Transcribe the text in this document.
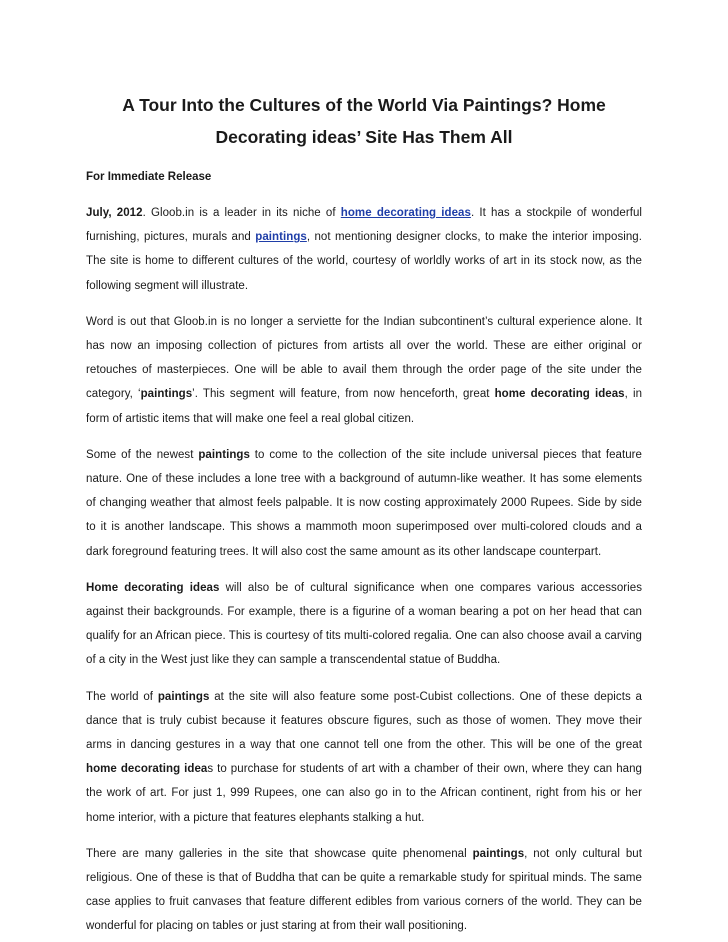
A Tour Into the Cultures of the World Via Paintings? Home
Decorating ideas’ Site Has Them All

For Immediate Release

July, 2012. Gloob.in is a leader in its niche of home decorating ideas. It has a stockpile of wonderful furnishing, pictures, murals and paintings, not mentioning designer clocks, to make the interior imposing. The site is home to different cultures of the world, courtesy of worldly works of art in its stock now, as the following segment will illustrate.

Word is out that Gloob.in is no longer a serviette for the Indian subcontinent’s cultural experience alone. It has now an imposing collection of pictures from artists all over the world. These are either original or retouches of masterpieces. One will be able to avail them through the order page of the site under the category, ‘paintings’. This segment will feature, from now henceforth, great home decorating ideas, in form of artistic items that will make one feel a real global citizen.

Some of the newest paintings to come to the collection of the site include universal pieces that feature nature. One of these includes a lone tree with a background of autumn-like weather. It has some elements of changing weather that almost feels palpable. It is now costing approximately 2000 Rupees. Side by side to it is another landscape. This shows a mammoth moon superimposed over multi-colored clouds and a dark foreground featuring trees. It will also cost the same amount as its other landscape counterpart.

Home decorating ideas will also be of cultural significance when one compares various accessories against their backgrounds. For example, there is a figurine of a woman bearing a pot on her head that can qualify for an African piece. This is courtesy of tits multi-colored regalia. One can also choose avail a carving of a city in the West just like they can sample a transcendental statue of Buddha.

The world of paintings at the site will also feature some post-Cubist collections. One of these depicts a dance that is truly cubist because it features obscure figures, such as those of women. They move their arms in dancing gestures in a way that one cannot tell one from the other. This will be one of the great home decorating ideas to purchase for students of art with a chamber of their own, where they can hang the work of art. For just 1, 999 Rupees, one can also go in to the African continent, right from his or her home interior, with a picture that features elephants stalking a hut.

There are many galleries in the site that showcase quite phenomenal paintings, not only cultural but religious. One of these is that of Buddha that can be quite a remarkable study for spiritual minds. The same case applies to fruit canvases that feature different edibles from various corners of the world. They can be wonderful for placing on tables or just staring at from their wall positioning.
